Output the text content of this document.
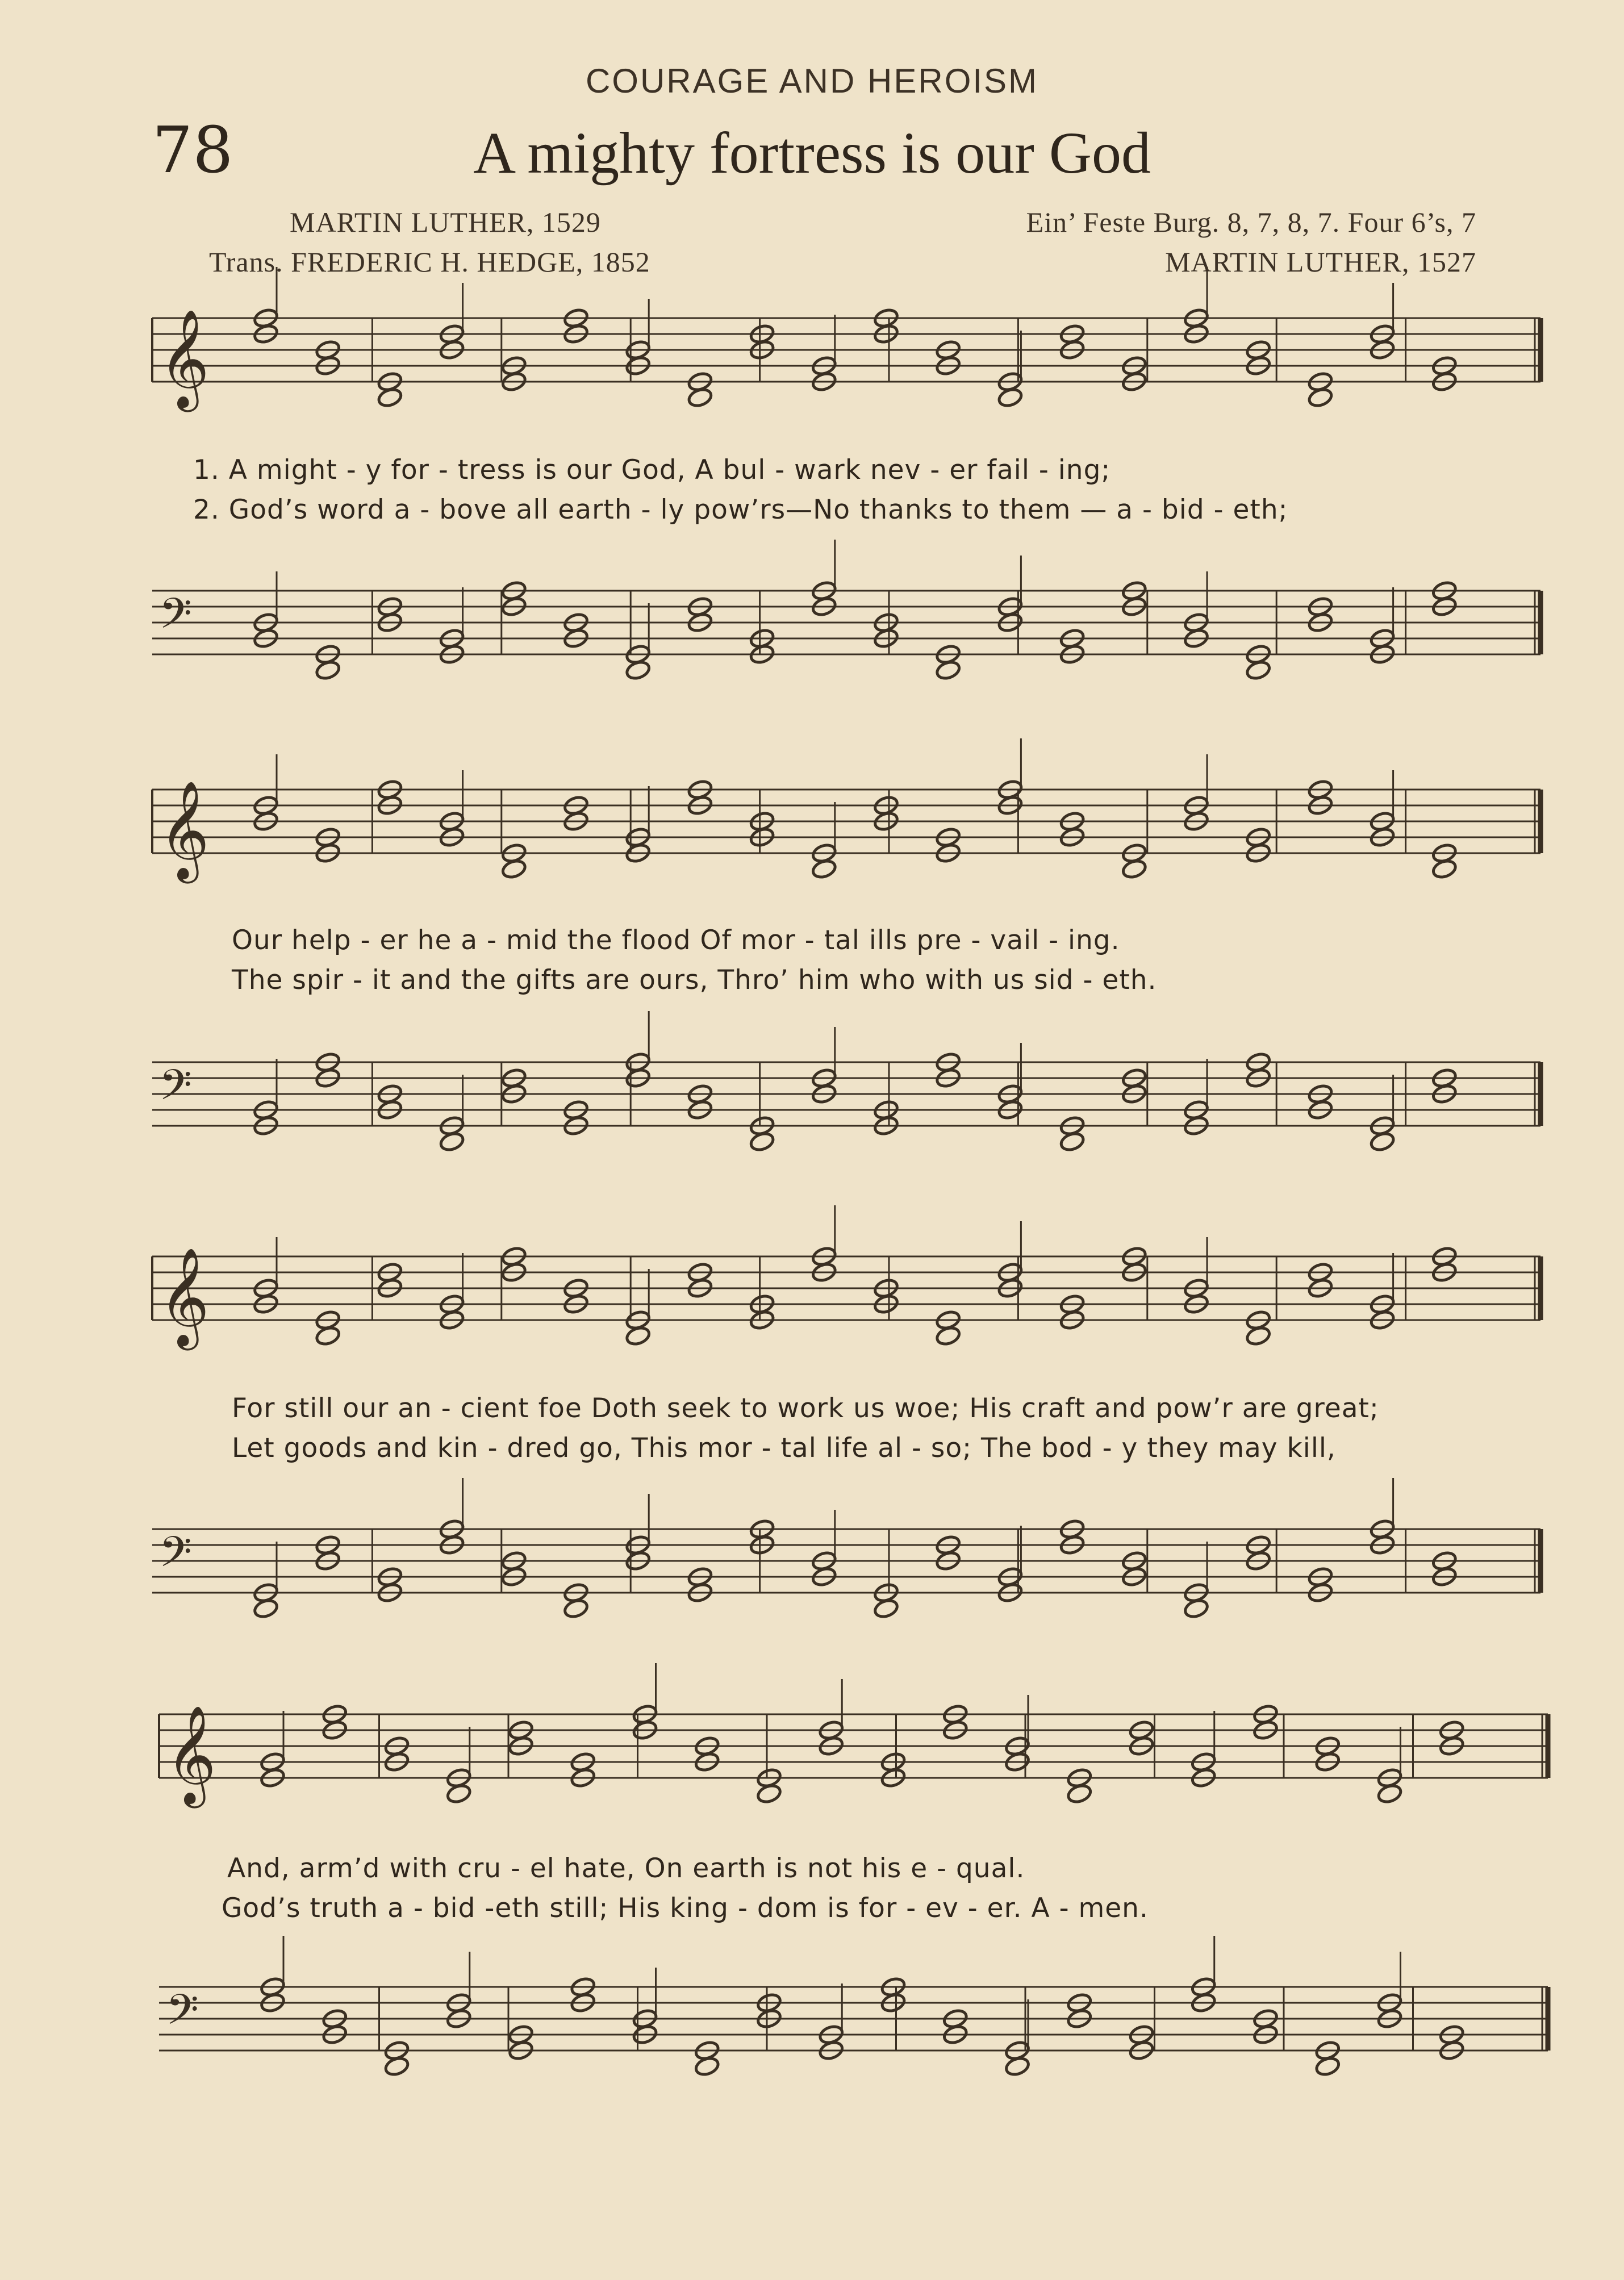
COURAGE AND HEROISM
78	A mighty fortress is our God
MARTIN LUTHER, 1529
Trans. FREDERIC H. HEDGE, 1852
Ein’ Feste Burg. 8, 7, 8, 7. Four 6’s, 7
MARTIN LUTHER, 1527
𝄞
𝄢
𝄞
𝄢
𝄞
𝄢
𝄞
𝄢
1. A might - y for - tress is our God, A bul - wark nev - er fail - ing;
2. God’s word a - bove all earth - ly pow’rs—No thanks to them — a - bid - eth;
Our help - er he a - mid the flood Of mor - tal ills pre - vail - ing.
The spir - it and the gifts are ours, Thro’ him who with us sid - eth.
For still our an - cient foe Doth seek to work us woe; His craft and pow’r are great;
Let goods and kin - dred go, This mor - tal life al - so; The bod - y they may kill,
And, arm’d with cru - el hate, On earth is not his e - qual.
God’s truth a - bid -eth still; His king - dom is for - ev - er. A - men.
